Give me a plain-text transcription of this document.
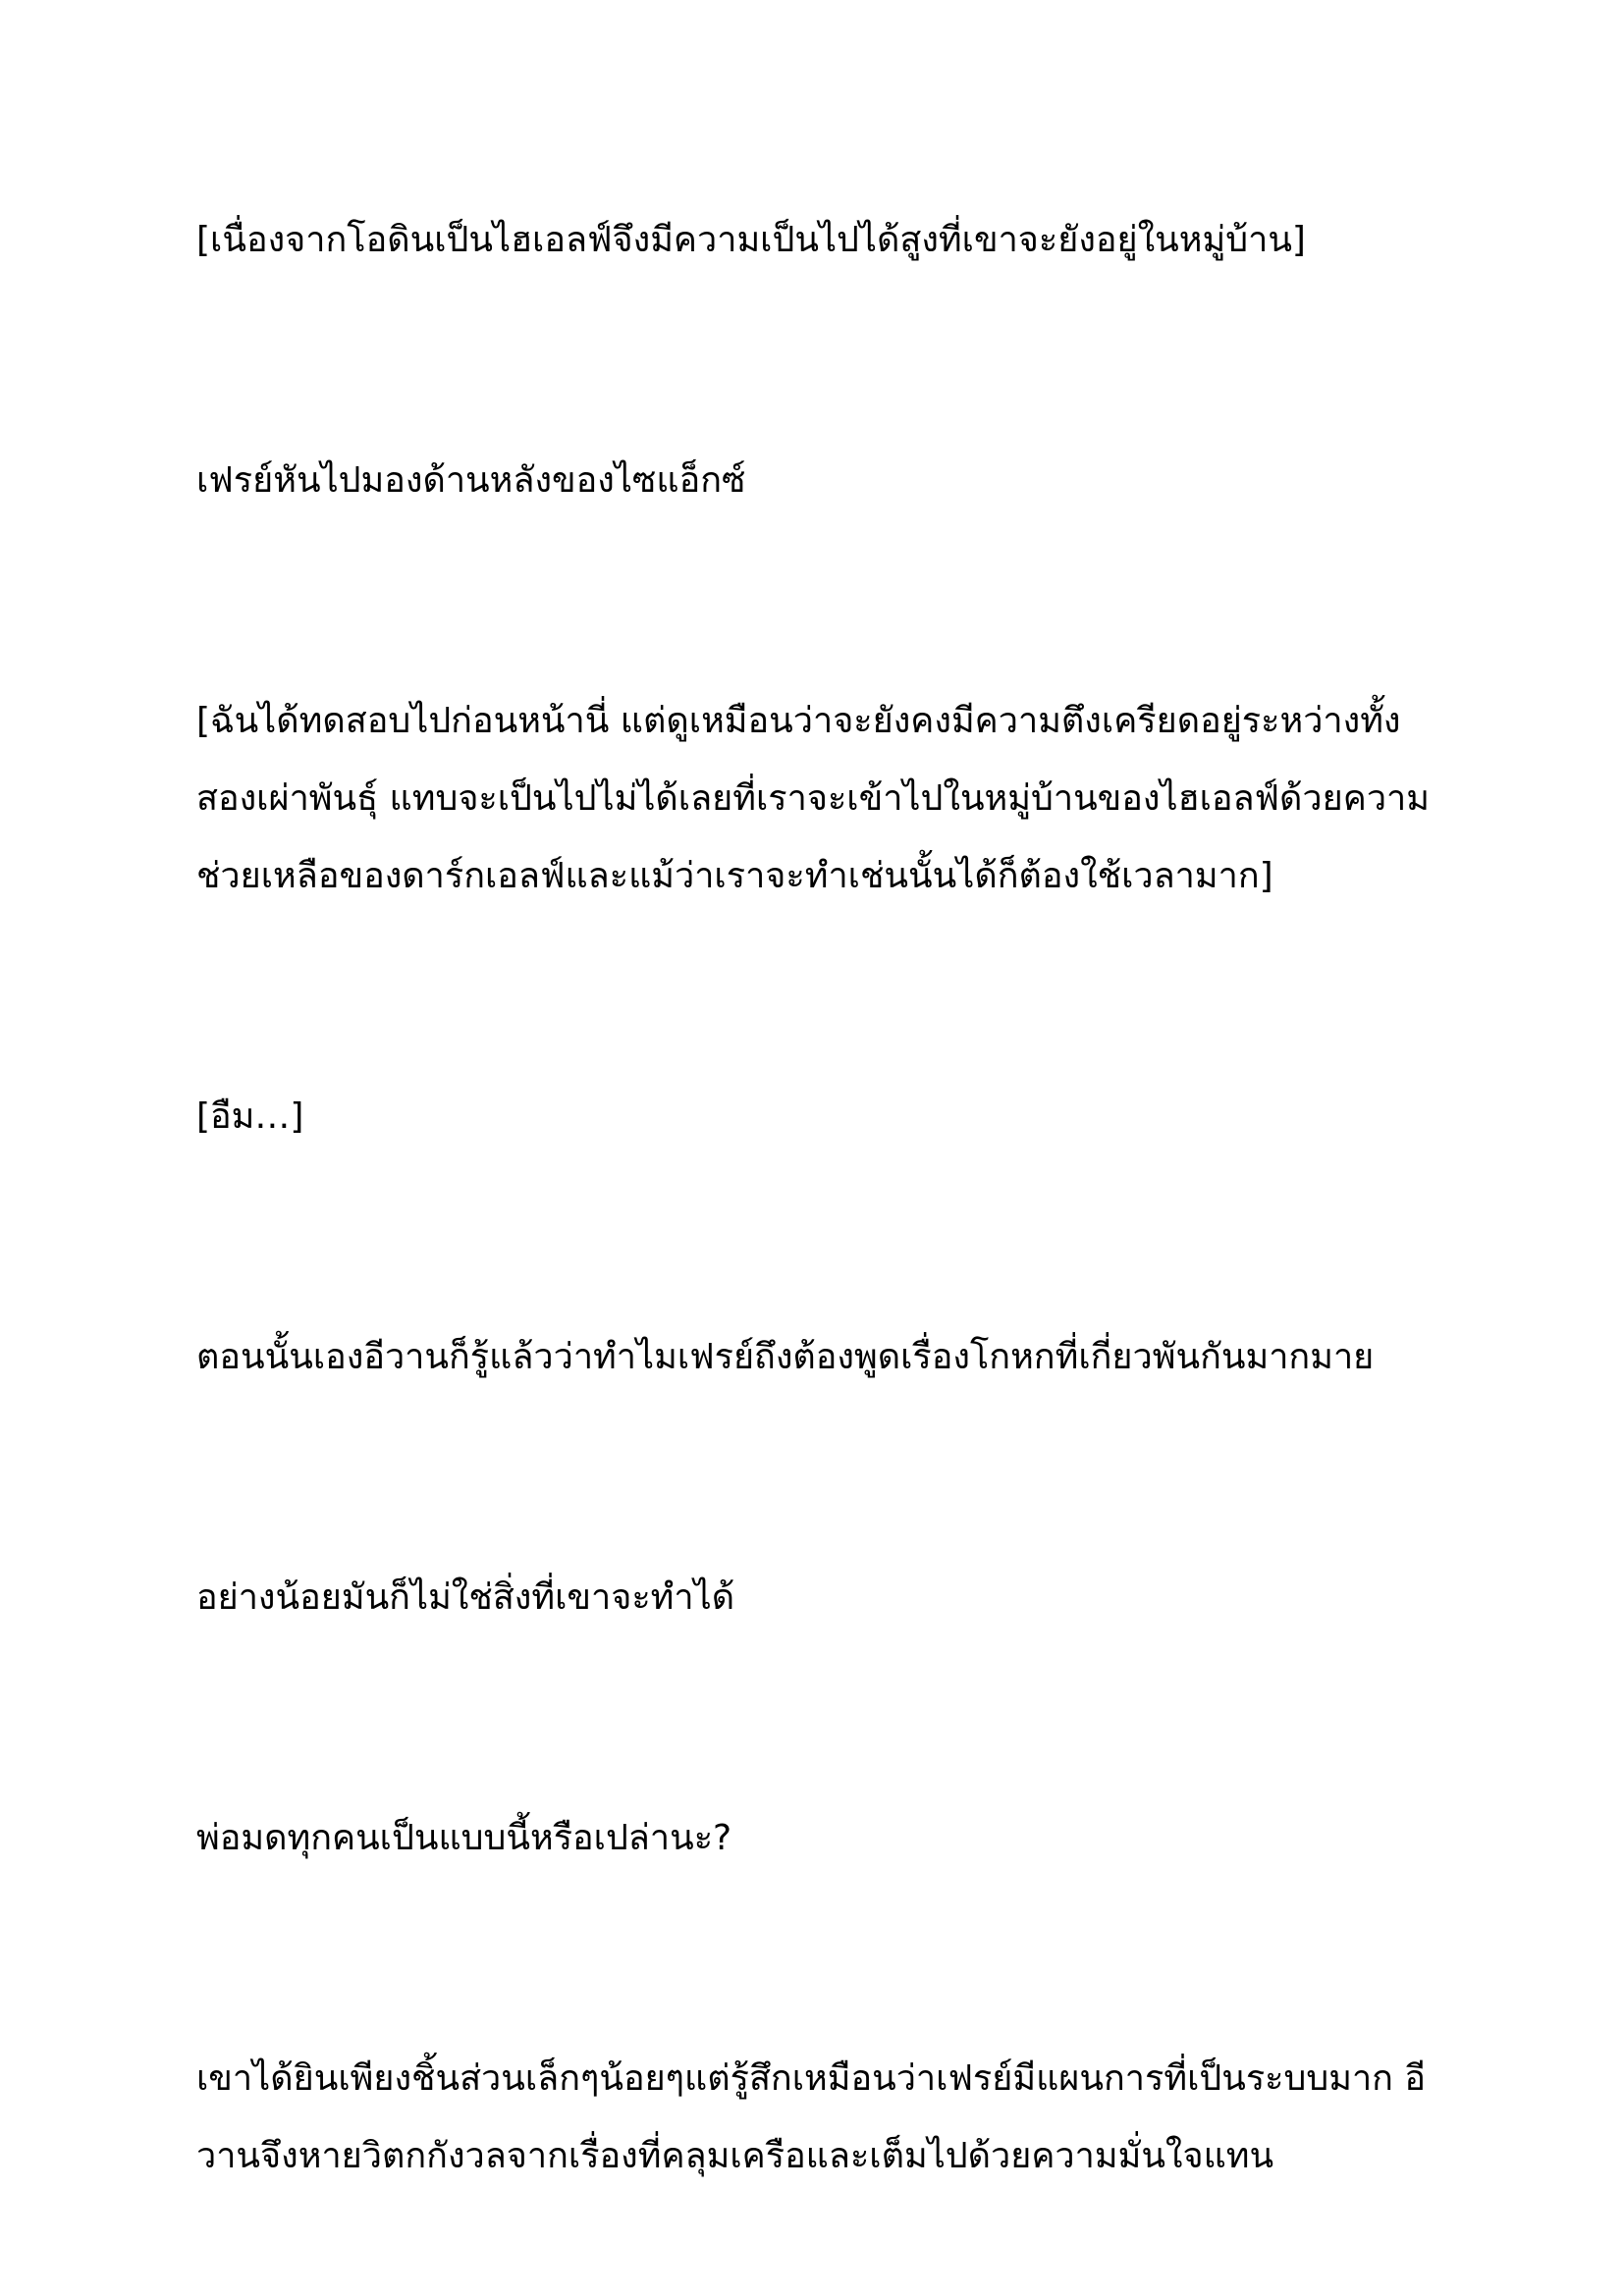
[เนื่องจากโอดินเป็นไฮเอลฟ์จึงมีความเป็นไปได้สูงที่เขาจะยังอยู่ในหมู่บ้าน]

เฟรย์หันไปมองด้านหลังของไซแอ็กซ์

[ฉันได้ทดสอบไปก่อนหน้านี่ แต่ดูเหมือนว่าจะยังคงมีความตึงเครียดอยู่ระหว่างทั้งสองเผ่าพันธุ์ แทบจะเป็นไปไม่ได้เลยที่เราจะเข้าไปในหมู่บ้านของไฮเอลฟ์ด้วยความช่วยเหลือของดาร์กเอลฟ์และแม้ว่าเราจะทำเช่นนั้นได้ก็ต้องใช้เวลามาก]

[อืม…]

ตอนนั้นเองอีวานก็รู้แล้วว่าทำไมเฟรย์ถึงต้องพูดเรื่องโกหกที่เกี่ยวพันกันมากมาย

อย่างน้อยมันก็ไม่ใช่สิ่งที่เขาจะทำได้

พ่อมดทุกคนเป็นแบบนี้หรือเปล่านะ?

เขาได้ยินเพียงชิ้นส่วนเล็กๆน้อยๆแต่รู้สึกเหมือนว่าเฟรย์มีแผนการที่เป็นระบบมาก อีวานจึงหายวิตกกังวลจากเรื่องที่คลุมเครือและเต็มไปด้วยความมั่นใจแทน
